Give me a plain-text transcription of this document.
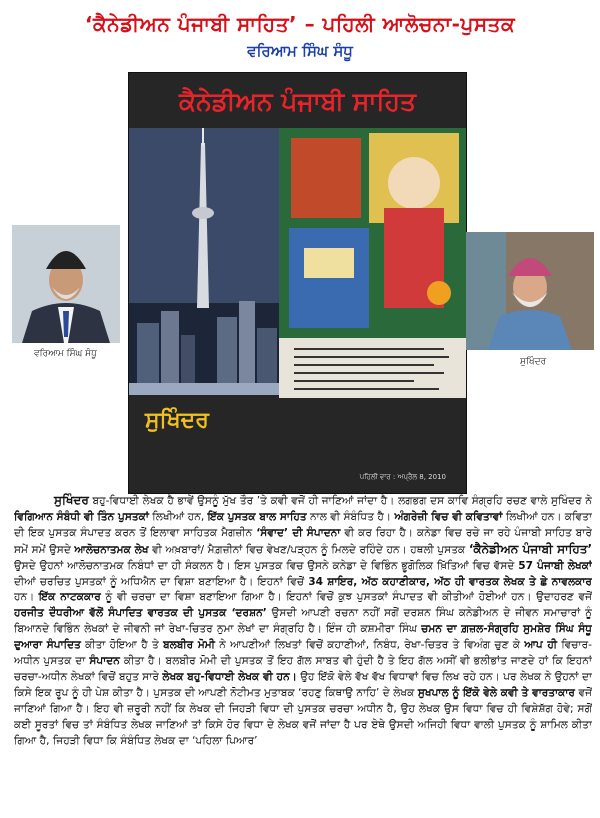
‘ਕੈਨੇਡੀਅਨ ਪੰਜਾਬੀ ਸਾਹਿਤ’ – ਪਹਿਲੀ ਆਲੋਚਨਾ-ਪੁਸਤਕ
ਵਰਿਆਮ ਸਿੰਘ ਸੰਧੂ
ਕੈਨੇਡੀਅਨ ਪੰਜਾਬੀ ਸਾਹਿਤ
ਸੁਖਿੰਦਰ
ਪਹਿਲੀ ਵਾਰ : ਅਪ੍ਰੈਲ 8, 2010
ਵਰਿਆਮ ਸਿੰਘ ਸੰਧੂ
ਸੁਖਿੰਦਰ
ਸੁਖਿੰਦਰ ਬਹੁ-ਵਿਧਾਈ ਲੇਖਕ ਹੈ ਭਾਵੇਂ ਉਸਨੂੰ ਮੁੱਖ ਤੌਰ ’ਤੇ ਕਵੀ ਵਜੋਂ ਹੀ ਜਾਣਿਆਂ ਜਾਂਦਾ ਹੈ। ਲਗਭਗ ਦਸ ਕਾਵਿ ਸੰਗ੍ਰਹਿ ਰਚਣ ਵਾਲੇ ਸੁਖਿੰਦਰ ਨੇ ਵਿਗਿਆਨ ਸੰਬੰਧੀ ਵੀ ਤਿੰਨ ਪੁਸਤਕਾਂ ਲਿਖੀਆਂ ਹਨ, ਇੱਕ ਪੁਸਤਕ ਬਾਲ ਸਾਹਿਤ ਨਾਲ ਵੀ ਸੰਬੰਧਿਤ ਹੈ। ਅੰਗਰੇਜ਼ੀ ਵਿਚ ਵੀ ਕਵਿਤਾਵਾਂ ਲਿਖੀਆਂ ਹਨ। ਕਵਿਤਾ ਦੀ ਇਕ ਪੁਸਤਕ ਸੰਪਾਦਤ ਕਰਨ ਤੋਂ ਇਲਾਵਾ ਸਾਹਿਤਕ ਮੈਗਜ਼ੀਨ ‘ਸੰਵਾਦ’ ਦੀ ਸੰਪਾਦਨਾ ਵੀ ਕਰ ਰਿਹਾ ਹੈ। ਕਨੇਡਾ ਵਿਚ ਰਚੇ ਜਾ ਰਹੇ ਪੰਜਾਬੀ ਸਾਹਿਤ ਬਾਰੇ ਸਮੇਂ ਸਮੇਂ ਉਸਦੇ ਆਲੋਚਨਾਤਮਕ ਲੇਖ ਵੀ ਅਖ਼ਬਾਰਾਂ/ ਮੈਗ਼ਜ਼ੀਨਾਂ ਵਿਚ ਵੇਖਣ/ਪੜ੍ਹਨ ਨੂੰ ਮਿਲਦੇ ਰਹਿੰਦੇ ਹਨ। ਹਥਲੀ ਪੁਸਤਕ ‘ਕੈਨੇਡੀਅਨ ਪੰਜਾਬੀ ਸਾਹਿਤ’ ਉਸਦੇ ਉਹਨਾਂ ਆਲੋਚਨਾਤਮਕ ਨਿਬੰਧਾਂ ਦਾ ਹੀ ਸੰਕਲਨ ਹੈ। ਇਸ ਪੁਸਤਕ ਵਿਚ ਉਸਨੇ ਕਨੇਡਾ ਦੇ ਵਿਭਿੰਨ ਭੂਗੋਲਿਕ ਖ਼ਿੱਤਿਆਂ ਵਿਚ ਵੱਸਦੇ 57 ਪੰਜਾਬੀ ਲੇਖਕਾਂ ਦੀਆਂ ਚਰਚਿਤ ਪੁਸਤਕਾਂ ਨੂੰ ਅਧਿਐਨ ਦਾ ਵਿਸ਼ਾ ਬਣਾਇਆ ਹੈ। ਇਹਨਾਂ ਵਿਚੋਂ 34 ਸ਼ਾਇਰ, ਅੱਠ ਕਹਾਣੀਕਾਰ, ਅੱਠ ਹੀ ਵਾਰਤਕ ਲੇਖਕ ਤੇ ਛੇ ਨਾਵਲਕਾਰ ਹਨ। ਇੱਕ ਨਾਟਕਕਾਰ ਨੂੰ ਵੀ ਚਰਚਾ ਦਾ ਵਿਸ਼ਾ ਬਣਾਇਆ ਗਿਆ ਹੈ। ਇਹਨਾਂ ਵਿਚੋਂ ਕੁਝ ਪੁਸਤਕਾਂ ਸੰਪਾਦਤ ਵੀ ਕੀਤੀਆਂ ਹੋਈਆਂ ਹਨ। ਉਦਾਹਰਣ ਵਜੋਂ ਹਰਜੀਤ ਦੌਧਰੀਆ ਵੱਲੋਂ ਸੰਪਾਦਿਤ ਵਾਰਤਕ ਦੀ ਪੁਸਤਕ ‘ਦਰਸ਼ਨ’ ਉਸਦੀ ਆਪਣੀ ਰਚਨਾ ਨਹੀਂ ਸਗੋਂ ਦਰਸ਼ਨ ਸਿੰਘ ਕਨੇਡੀਅਨ ਦੇ ਜੀਵਨ ਸਮਾਚਾਰਾਂ ਨੂੰ ਬਿਆਨਦੇ ਵਿਭਿੰਨ ਲੇਖਕਾਂ ਦੇ ਜੀਵਨੀ ਜਾਂ ਰੇਖਾ-ਚਿਤਰ ਨੁਮਾ ਲੇਖਾਂ ਦਾ ਸੰਗ੍ਰਹਿ ਹੈ। ਇੰਜ ਹੀ ਕਸ਼ਮੀਰਾ ਸਿੰਘ ਚਮਨ ਦਾ ਗ਼ਜ਼ਲ-ਸੰਗ੍ਰਹਿ ਸੁਮਸ਼ੇਰ ਸਿੰਘ ਸੰਧੂ ਦੁਆਰਾ ਸੰਪਾਦਿਤ ਕੀਤਾ ਹੋਇਆ ਹੈ ਤੇ ਬਲਬੀਰ ਮੋਮੀ ਨੇ ਆਪਣੀਆਂ ਲਿਖਤਾਂ ਵਿਚੋਂ ਕਹਾਣੀਆਂ, ਨਿਬੰਧ, ਰੇਖਾ-ਚਿਤਰ ਤੇ ਵਿਅੰਗ ਚੁਣ ਕੇ ਆਪ ਹੀ ਵਿਚਾਰ-ਅਧੀਨ ਪੁਸਤਕ ਦਾ ਸੰਪਾਦਨ ਕੀਤਾ ਹੈ। ਬਲਬੀਰ ਮੋਮੀ ਦੀ ਪੁਸਤਕ ਤੋਂ ਇਹ ਗੱਲ ਸਾਬਤ ਵੀ ਹੁੰਦੀ ਹੈ ਤੇ ਇਹ ਗੱਲ ਅਸੀਂ ਵੀ ਭਲੀਭਾਂਤ ਜਾਣਦੇ ਹਾਂ ਕਿ ਇਹਨਾਂ ਚਰਚਾ-ਅਧੀਨ ਲੇਖਕਾਂ ਵਿਚੋਂ ਬਹੁਤ ਸਾਰੇ ਲੇਖਕ ਬਹੁ-ਵਿਧਾਈ ਲੇਖਕ ਵੀ ਹਨ। ਉਹ ਇੱਕੋ ਵੇਲੇ ਵੱਖ ਵੱਖ ਵਿਧਾਵਾਂ ਵਿਚ ਲਿਖ ਰਹੇ ਹਨ। ਪਰ ਲੇਖਕ ਨੇ ਉਹਨਾਂ ਦਾ ਕਿਸੇ ਇਕ ਰੂਪ ਨੂੰ ਹੀ ਪੇਸ਼ ਕੀਤਾ ਹੈ। ਪੁਸਤਕ ਦੀ ਆਪਣੀ ਨੋਟੀਮਤ ਮੁਤਾਬਕ ‘ਰਹਣੁ ਕਿਥਾਉ ਨਾਹਿ’ ਦੇ ਲੇਖਕ ਸੁਖਪਾਲ ਨੂੰ ਇੱਕੋ ਵੇਲੇ ਕਵੀ ਤੇ ਵਾਰਤਾਕਾਰ ਵਜੋਂ ਜਾਣਿਆਂ ਗਿਆ ਹੈ। ਇਹ ਵੀ ਜ਼ਰੂਰੀ ਨਹੀਂ ਕਿ ਲੇਖਕ ਦੀ ਜਿਹੜੀ ਵਿਧਾ ਦੀ ਪੁਸਤਕ ਚਰਚਾ ਅਧੀਨ ਹੈ, ਉਹ ਲੇਖਕ ਉਸ ਵਿਧਾ ਵਿਚ ਹੀ ਵਿਸ਼ੇਸ਼ੱਗ ਹੋਵੇ; ਸਗੋਂ ਕਈ ਸੂਰਤਾਂ ਵਿਚ ਤਾਂ ਸੰਬੰਧਿਤ ਲੇਖਕ ਜਾਣਿਆਂ ਤਾਂ ਕਿਸੇ ਹੋਰ ਵਿਧਾ ਦੇ ਲੇਖਕ ਵਜੋਂ ਜਾਂਦਾ ਹੈ ਪਰ ਏਥੇ ਉਸਦੀ ਅਜਿਹੀ ਵਿਧਾ ਵਾਲੀ ਪੁਸਤਕ ਨੂੰ ਸ਼ਾਮਿਲ ਕੀਤਾ ਗਿਆ ਹੈ, ਜਿਹੜੀ ਵਿਧਾ ਕਿ ਸੰਬੰਧਿਤ ਲੇਖਕ ਦਾ ‘ਪਹਿਲਾ ਪਿਆਰ’
